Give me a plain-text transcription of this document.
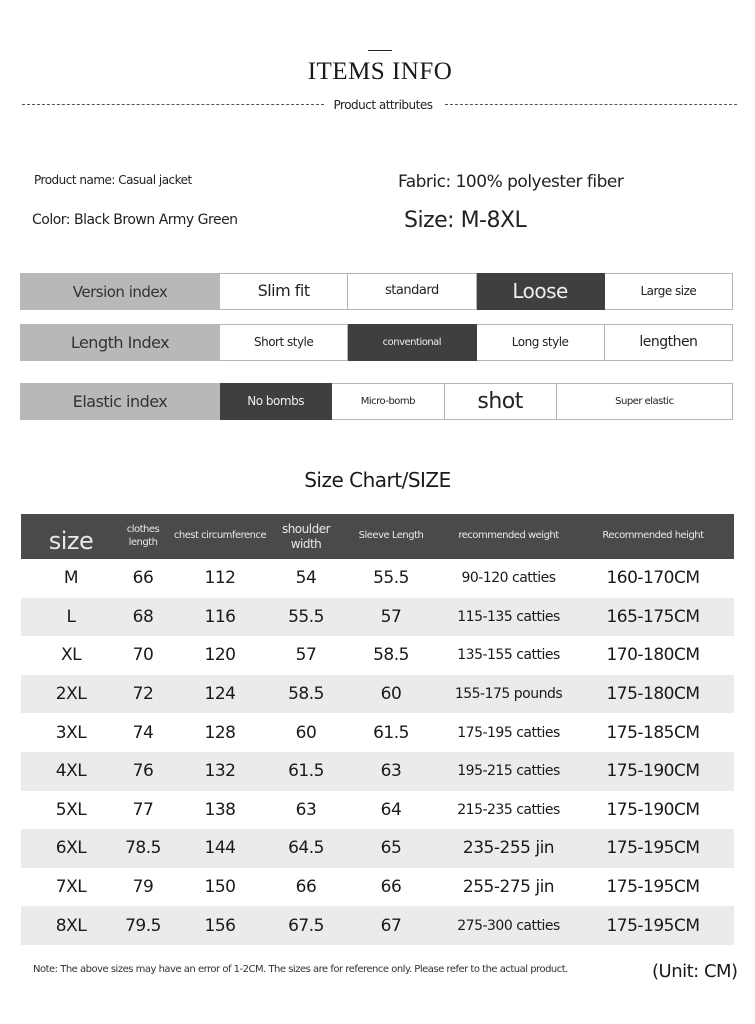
ITEMS INFO
Product attributes
Product name: Casual jacket
Color: Black Brown Army Green
Fabric: 100% polyester fiber
Size: M-8XL
Version index	Slim fit	standard	Loose	Large size
Length Index	Short style	conventional	Long style	lengthen
Elastic index	No bombs	Micro-bomb	shot	Super elastic
Size Chart/SIZE
size	clothes length	chest circumference	shoulder width	Sleeve Length	recommended weight	Recommended height
M	66	112	54	55.5	90-120 catties	160-170CM
L	68	116	55.5	57	115-135 catties	165-175CM
XL	70	120	57	58.5	135-155 catties	170-180CM
2XL	72	124	58.5	60	155-175 pounds	175-180CM
3XL	74	128	60	61.5	175-195 catties	175-185CM
4XL	76	132	61.5	63	195-215 catties	175-190CM
5XL	77	138	63	64	215-235 catties	175-190CM
6XL	78.5	144	64.5	65	235-255 jin	175-195CM
7XL	79	150	66	66	255-275 jin	175-195CM
8XL	79.5	156	67.5	67	275-300 catties	175-195CM
Note: The above sizes may have an error of 1-2CM. The sizes are for reference only. Please refer to the actual product.	(Unit: CM)
